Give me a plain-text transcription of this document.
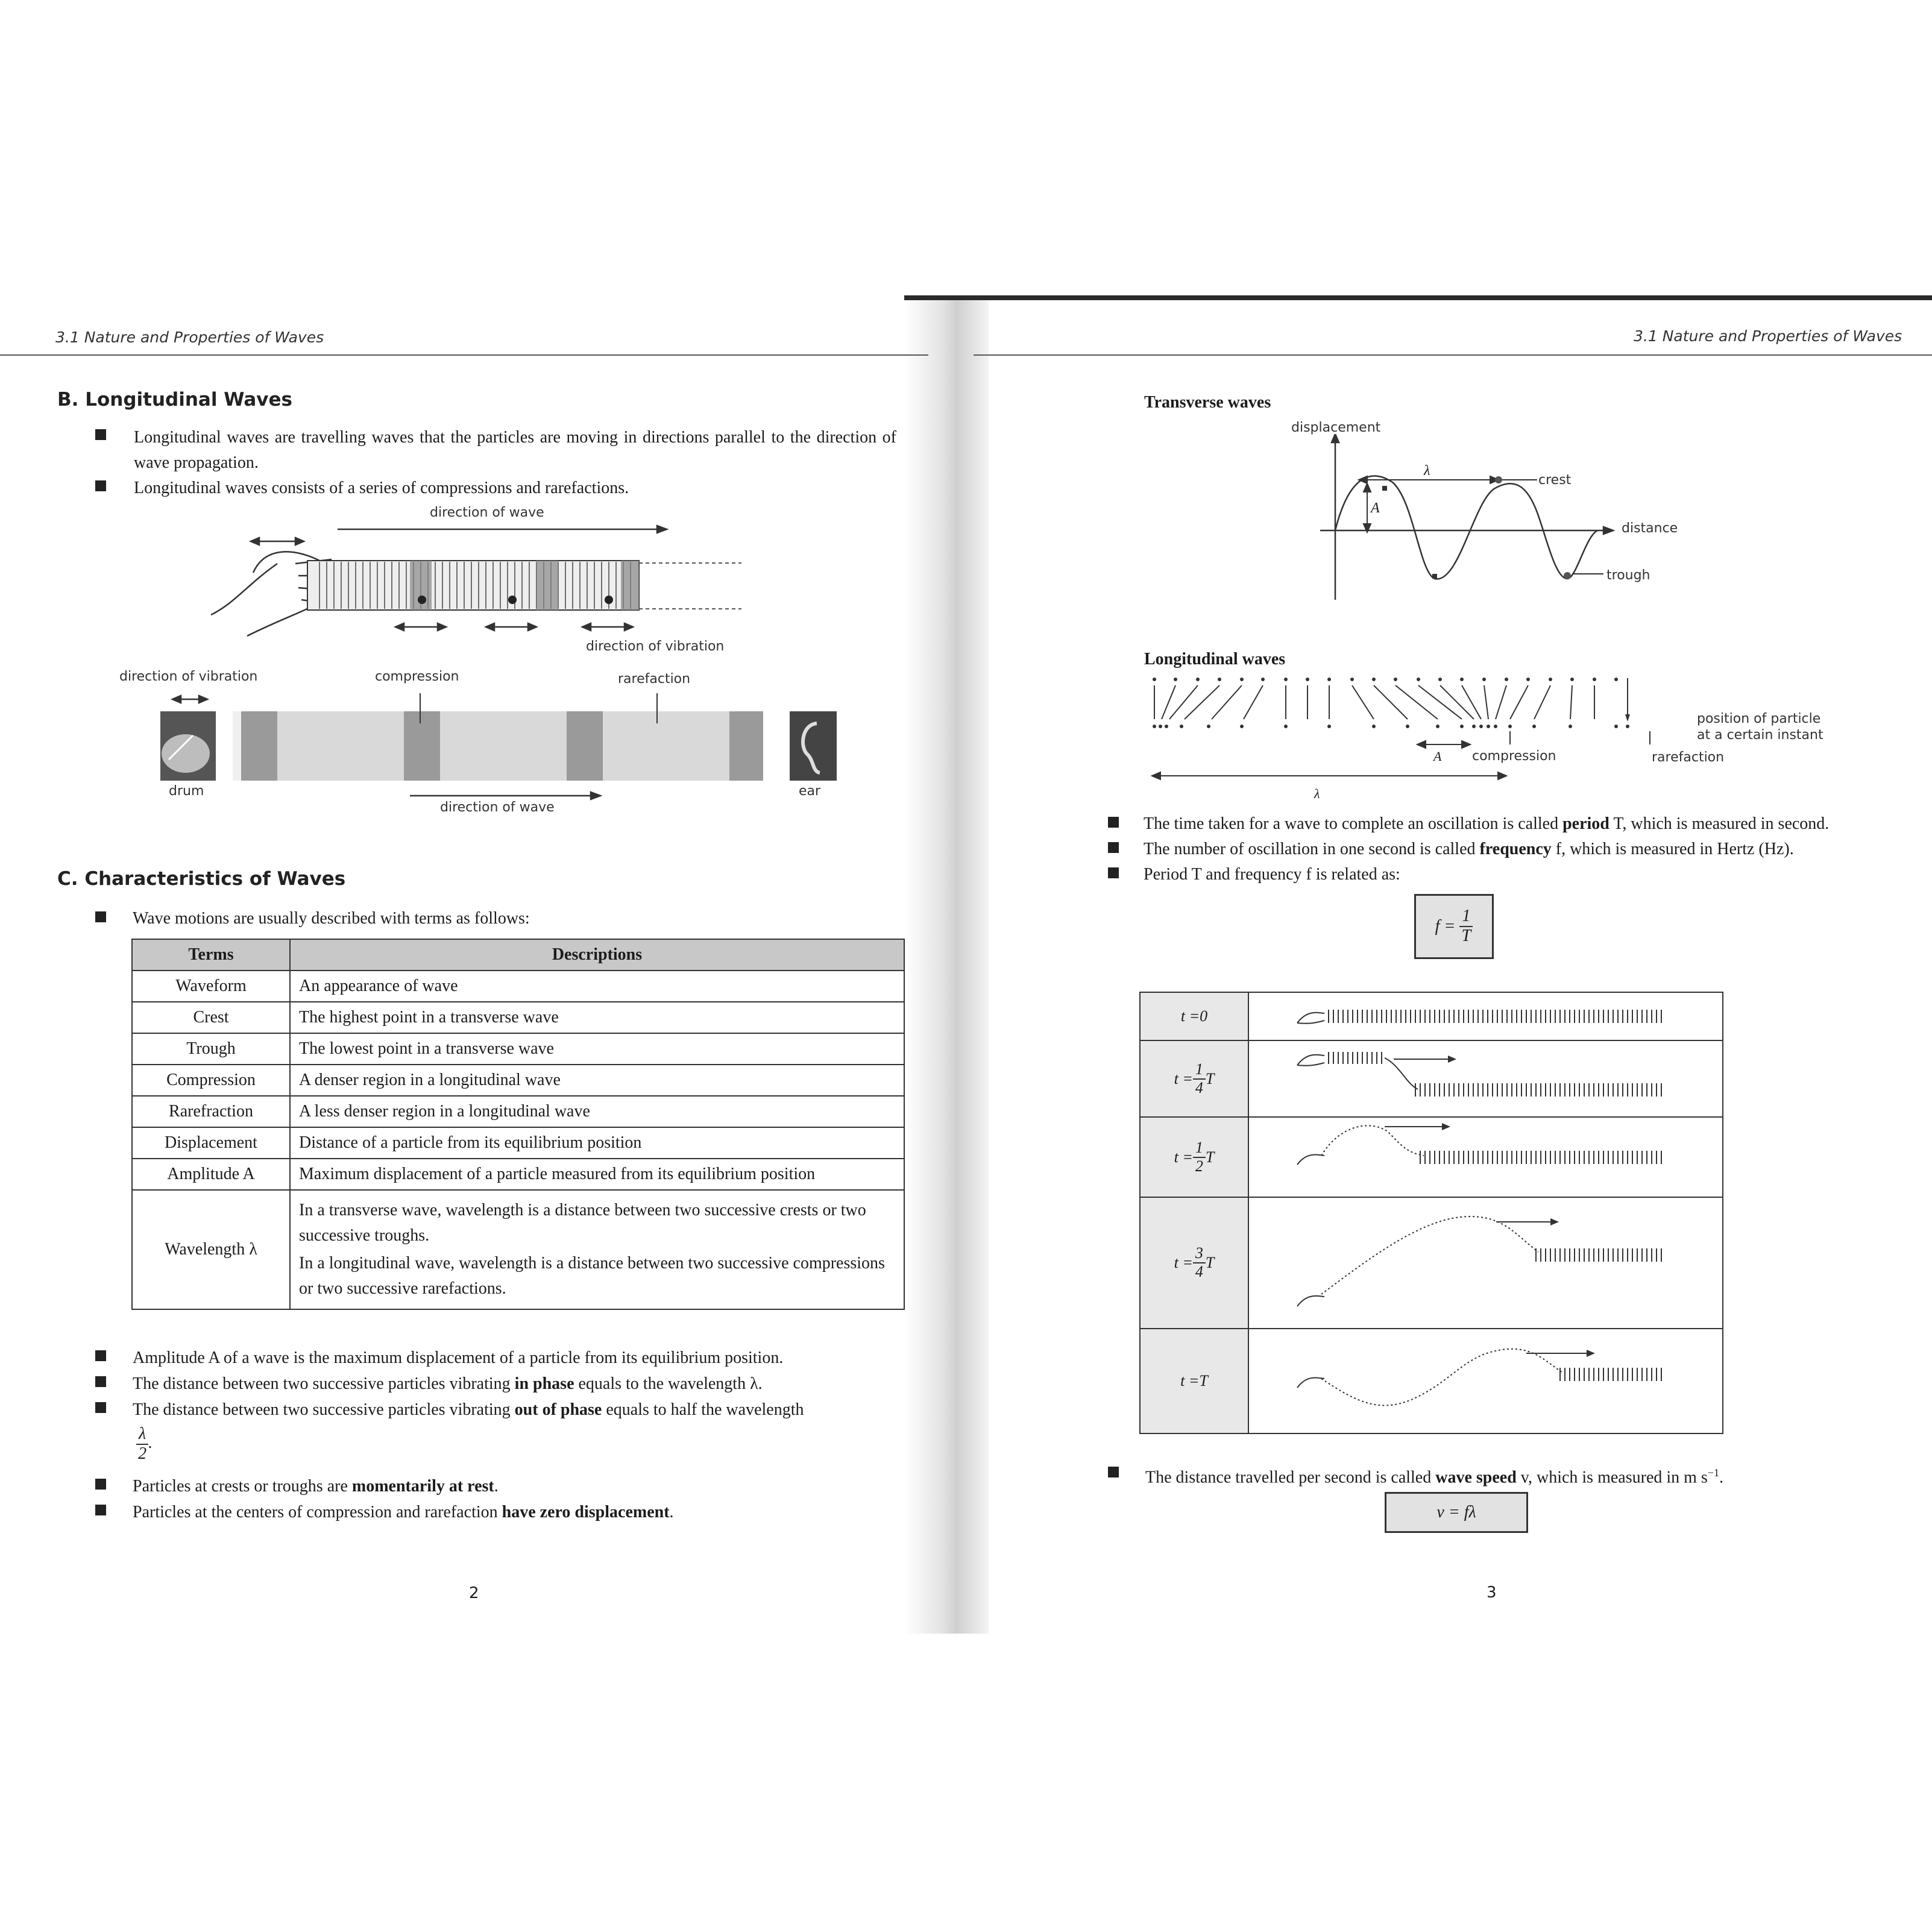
3.1 Nature and Properties of Waves
B. Longitudinal Waves
Longitudinal waves are travelling waves that the particles are moving in directions parallel to the direction of wave propagation.
Longitudinal waves consists of a series of compressions and rarefactions.
direction of wave
direction of vibration
direction of vibration	compression	rarefaction
drum	ear
direction of wave
C. Characteristics of Waves
Wave motions are usually described with terms as follows:
Terms	Descriptions
Waveform	An appearance of wave
Crest	The highest point in a transverse wave
Trough	The lowest point in a transverse wave
Compression	A denser region in a longitudinal wave
Rarefraction	A less denser region in a longitudinal wave
Displacement	Distance of a particle from its equilibrium position
Amplitude A	Maximum displacement of a particle measured from its equilibrium position
Wavelength λ	In a transverse wave, wavelength is a distance between two successive crests or two successive troughs.
In a longitudinal wave, wavelength is a distance between two successive compressions or two successive rarefactions.
Amplitude A of a wave is the maximum displacement of a particle from its equilibrium position.
The distance between two successive particles vibrating in phase equals to the wavelength λ.
The distance between two successive particles vibrating out of phase equals to half the wavelength
$\frac{\lambda}{2}$ .
Particles at crests or troughs are momentarily at rest.
Particles at the centers of compression and rarefaction have zero displacement.
2
3.1 Nature and Properties of Waves
Transverse waves
displacement
λ
crest
A
distance
trough
Longitudinal waves
position of particle
at a certain instant
A compression	rarefaction
λ
The time taken for a wave to complete an oscillation is called period T, which is measured in second.
The number of oscillation in one second is called frequency f, which is measured in Hertz (Hz).
Period T and frequency f is related as:
f =
$\frac{1}{T}$
t = 0
$t = \frac{1}{4}$ T
$t = \frac{1}{2}$ T
$t = \frac{3}{4}$ T
t = T
The distance travelled per second is called wave speed v, which is measured in m $s^{-1}$.
v = fλ
3
